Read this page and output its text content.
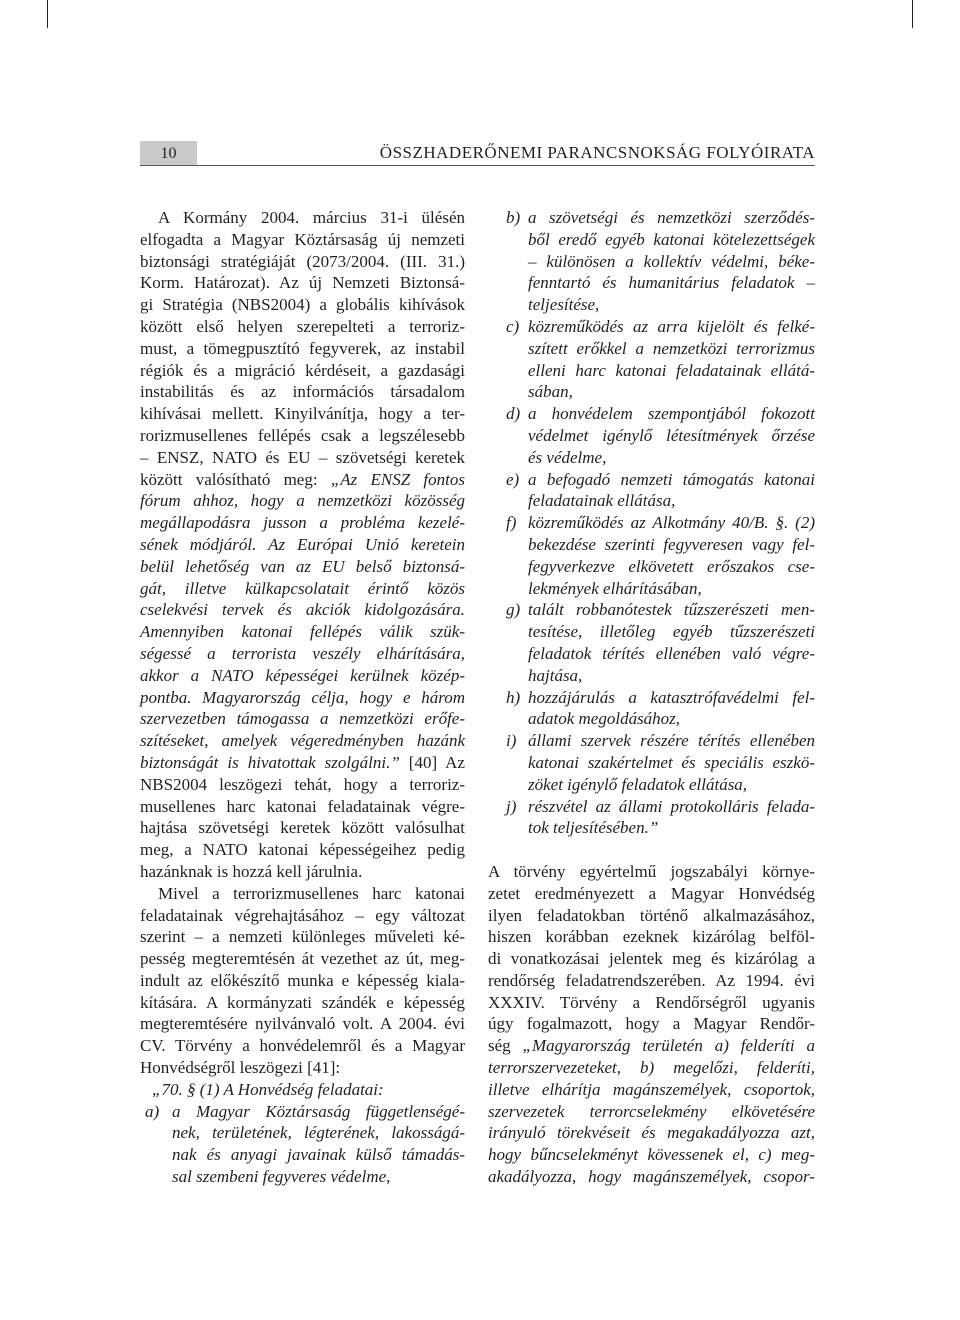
10	ÖSSZHADERŐNEMI PARANCSNOKSÁG FOLYÓIRATA
A Kormány 2004. március 31-i ülésén
elfogadta a Magyar Köztársaság új nemzeti
biztonsági stratégiáját (2073/2004. (III. 31.)
Korm. Határozat). Az új Nemzeti Biztonsá-
gi Stratégia (NBS2004) a globális kihívások
között első helyen szerepelteti a terroriz-
must, a tömegpusztító fegyverek, az instabil
régiók és a migráció kérdéseit, a gazdasági
instabilitás és az információs társadalom
kihívásai mellett. Kinyilvánítja, hogy a ter-
rorizmusellenes fellépés csak a legszélesebb
– ENSZ, NATO és EU – szövetségi keretek
között valósítható meg: „Az ENSZ fontos
fórum ahhoz, hogy a nemzetközi közösség
megállapodásra jusson a probléma kezelé-
sének módjáról. Az Európai Unió keretein
belül lehetőség van az EU belső biztonsá-
gát, illetve külkapcsolatait érintő közös
cselekvési tervek és akciók kidolgozására.
Amennyiben katonai fellépés válik szük-
ségessé a terrorista veszély elhárítására,
akkor a NATO képességei kerülnek közép-
pontba. Magyarország célja, hogy e három
szervezetben támogassa a nemzetközi erőfe-
szítéseket, amelyek végeredményben hazánk
biztonságát is hivatottak szolgálni.” [40] Az
NBS2004 leszögezi tehát, hogy a terroriz-
musellenes harc katonai feladatainak végre-
hajtása szövetségi keretek között valósulhat
meg, a NATO katonai képességeihez pedig
hazánknak is hozzá kell járulnia.
Mivel a terrorizmusellenes harc katonai
feladatainak végrehajtásához – egy változat
szerint – a nemzeti különleges műveleti ké-
pesség megteremtésén át vezethet az út, meg-
indult az előkészítő munka e képesség kiala-
kítására. A kormányzati szándék e képesség
megteremtésére nyilvánvaló volt. A 2004. évi
CV. Törvény a honvédelemről és a Magyar
Honvédségről leszögezi [41]:
„70. § (1) A Honvédség feladatai:
a) a Magyar Köztársaság függetlenségé-
nek, területének, légterének, lakosságá-
nak és anyagi javainak külső támadás-
sal szembeni fegyveres védelme,
b) a szövetségi és nemzetközi szerződés-
ből eredő egyéb katonai kötelezettségek
– különösen a kollektív védelmi, béke-
fenntartó és humanitárius feladatok –
teljesítése,
c) közreműködés az arra kijelölt és felké-
szített erőkkel a nemzetközi terrorizmus
elleni harc katonai feladatainak ellátá-
sában,
d) a honvédelem szempontjából fokozott
védelmet igénylő létesítmények őrzése
és védelme,
e) a befogadó nemzeti támogatás katonai
feladatainak ellátása,
f) közreműködés az Alkotmány 40/B. §. (2)
bekezdése szerinti fegyveresen vagy fel-
fegyverkezve elkövetett erőszakos cse-
lekmények elhárításában,
g) talált robbanótestek tűzszerészeti men-
tesítése, illetőleg egyéb tűzszerészeti
feladatok térítés ellenében való végre-
hajtása,
h) hozzájárulás a katasztrófavédelmi fel-
adatok megoldásához,
i) állami szervek részére térítés ellenében
katonai szakértelmet és speciális eszkö-
zöket igénylő feladatok ellátása,
j) részvétel az állami protokolláris felada-
tok teljesítésében.”
A törvény egyértelmű jogszabályi környe-
zetet eredményezett a Magyar Honvédség
ilyen feladatokban történő alkalmazásához,
hiszen korábban ezeknek kizárólag belföl-
di vonatkozásai jelentek meg és kizárólag a
rendőrség feladatrendszerében. Az 1994. évi
XXXIV. Törvény a Rendőrségről ugyanis
úgy fogalmazott, hogy a Magyar Rendőr-
ség „Magyarország területén a) felderíti a
terrorszervezeteket, b) megelőzi, felderíti,
illetve elhárítja magánszemélyek, csoportok,
szervezetek terrorcselekmény elkövetésére
irányuló törekvéseit és megakadályozza azt,
hogy bűncselekményt kövessenek el, c) meg-
akadályozza, hogy magánszemélyek, csopor-
